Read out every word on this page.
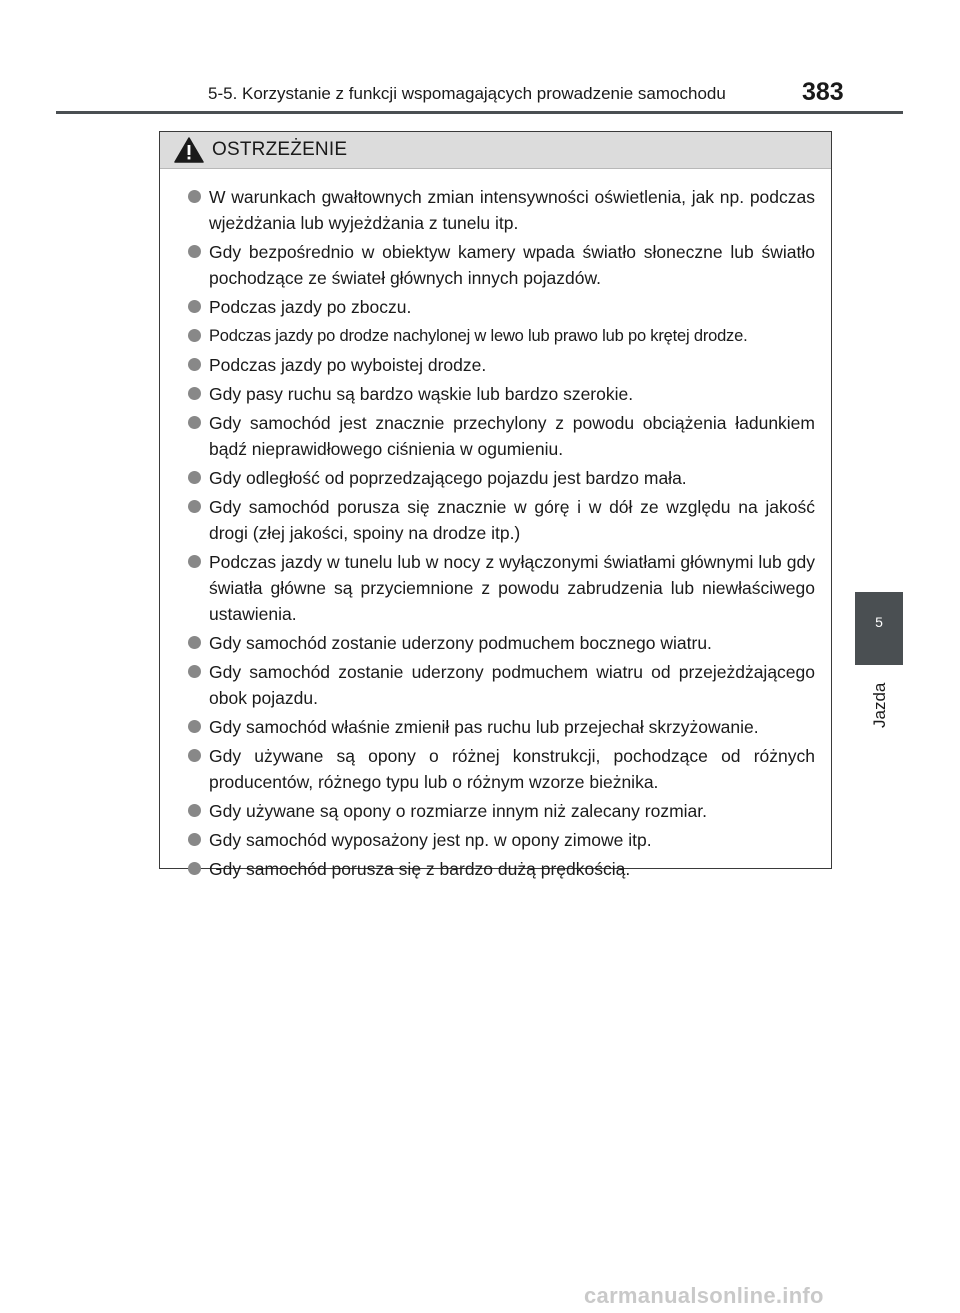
5-5. Korzystanie z funkcji wspomagających prowadzenie samochodu	383
5
Jazda
OSTRZEŻENIE
W warunkach gwałtownych zmian intensywności oświetlenia, jak np. podczas wjeżdżania lub wyjeżdżania z tunelu itp.
Gdy bezpośrednio w obiektyw kamery wpada światło słoneczne lub światło pochodzące ze świateł głównych innych pojazdów.
Podczas jazdy po zboczu.
Podczas jazdy po drodze nachylonej w lewo lub prawo lub po krętej drodze.
Podczas jazdy po wyboistej drodze.
Gdy pasy ruchu są bardzo wąskie lub bardzo szerokie.
Gdy samochód jest znacznie przechylony z powodu obciążenia ładunkiem bądź nieprawidłowego ciśnienia w ogumieniu.
Gdy odległość od poprzedzającego pojazdu jest bardzo mała.
Gdy samochód porusza się znacznie w górę i w dół ze względu na jakość drogi (złej jakości, spoiny na drodze itp.)
Podczas jazdy w tunelu lub w nocy z wyłączonymi światłami głównymi lub gdy światła główne są przyciemnione z powodu zabrudzenia lub niewłaściwego ustawienia.
Gdy samochód zostanie uderzony podmuchem bocznego wiatru.
Gdy samochód zostanie uderzony podmuchem wiatru od przejeżdżającego obok pojazdu.
Gdy samochód właśnie zmienił pas ruchu lub przejechał skrzyżowanie.
Gdy używane są opony o różnej konstrukcji, pochodzące od różnych producentów, różnego typu lub o różnym wzorze bieżnika.
Gdy używane są opony o rozmiarze innym niż zalecany rozmiar.
Gdy samochód wyposażony jest np. w opony zimowe itp.
Gdy samochód porusza się z bardzo dużą prędkością.
carmanualsonline.info
